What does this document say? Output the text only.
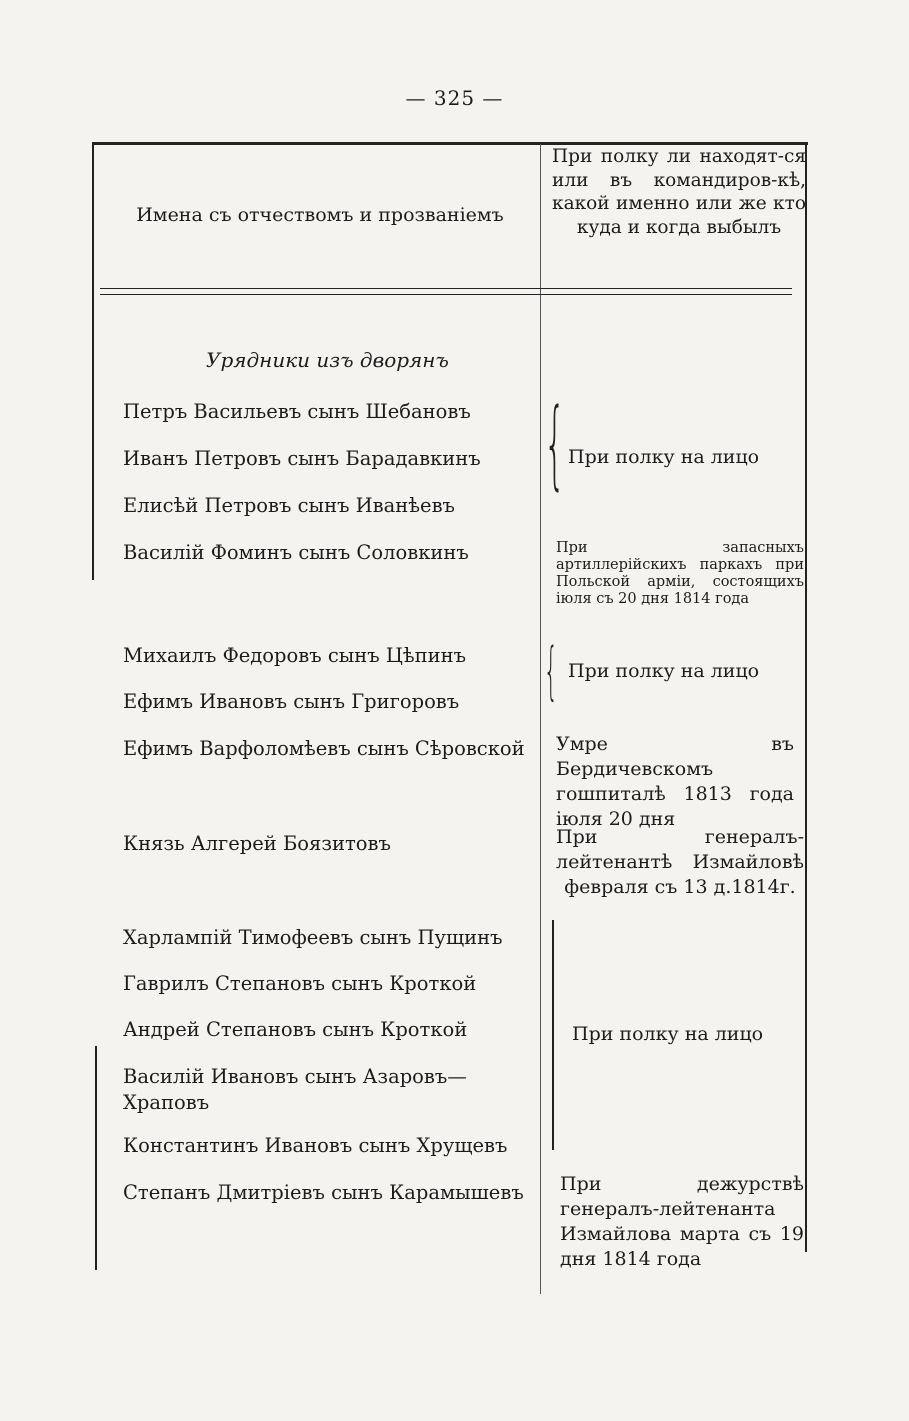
— 325 —
Имена съ отчествомъ и прозванiемъ
При полку ли находят-ся или въ командиров-кѣ, какой именно или же кто куда и когда выбылъ
Урядники изъ дворянъ
Петръ Васильевъ сынъ Шебановъ
Иванъ Петровъ сынъ Барадавкинъ
Елисѣй Петровъ сынъ Иванѣевъ
Василiй Фоминъ сынъ Соловкинъ
Михаилъ Федоровъ сынъ Цѣпинъ
Ефимъ Ивановъ сынъ Григоровъ
Ефимъ Варфоломѣевъ сынъ Сѣровской
Князь Алгерей Боязитовъ
Харлампiй Тимофеевъ сынъ Пущинъ
Гаврилъ Степановъ сынъ Кроткой
Андрей Степановъ сынъ Кроткой
Василiй Ивановъ сынъ Азаровъ—Храповъ
Константинъ Ивановъ сынъ Хрущевъ
Степанъ Дмитрiевъ сынъ Карамышевъ
{
{
При полку на лицо
При запасныхъ артиллерiйскихъ паркахъ при Польской армiи, состоящихъ iюля съ 20 дня 1814 года
При полку на лицо
Умре въ Бердичевскомъ гошпиталѣ 1813 года iюля 20 дня
При генералъ-лейтенантѣ Измайловѣ февраля съ 13 д.1814г.
При полку на лицо
При дежурствѣ генералъ-лейтенанта Измайлова марта съ 19 дня 1814 года
